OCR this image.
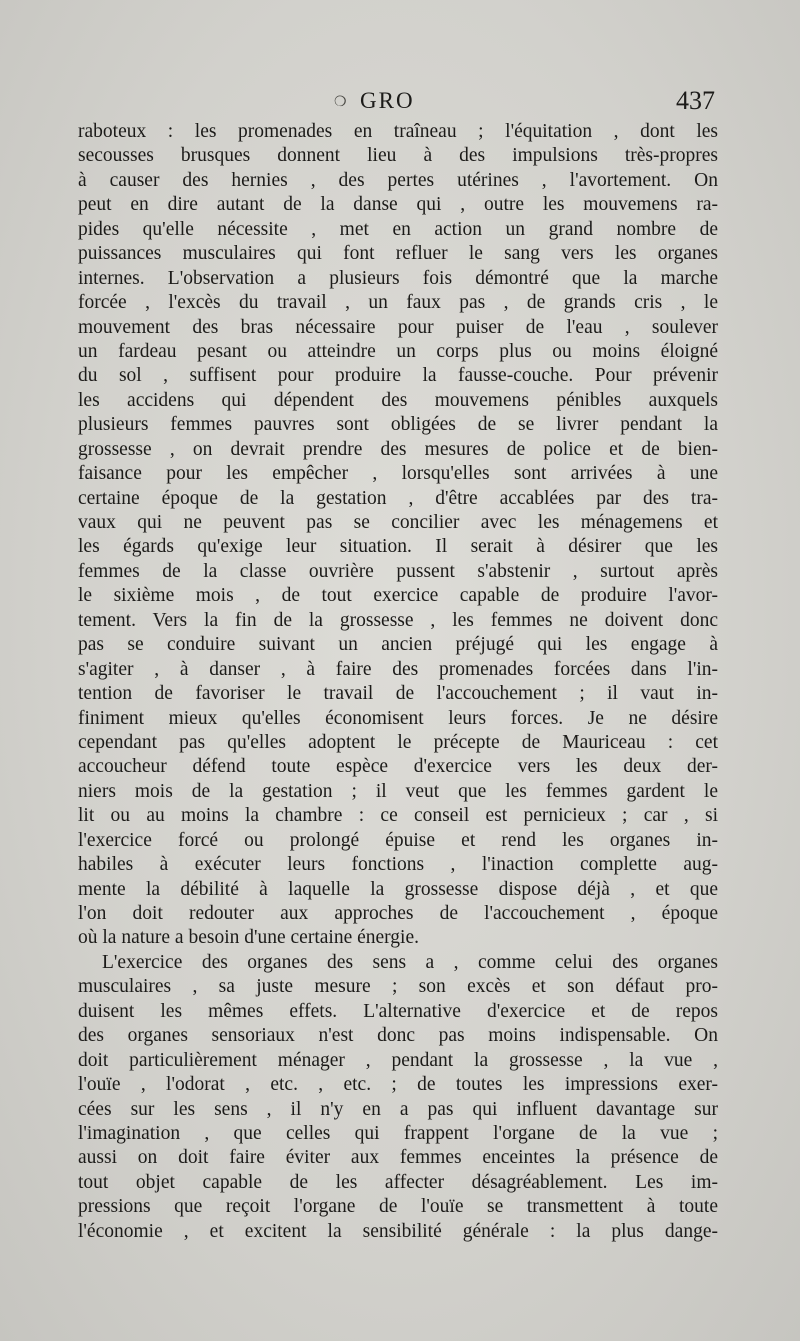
❍ GRO	437
raboteux : les promenades en traîneau ; l'équitation , dont les
secousses brusques donnent lieu à des impulsions très-propres
à causer des hernies , des pertes utérines , l'avortement. On
peut en dire autant de la danse qui , outre les mouvemens ra-
pides qu'elle nécessite , met en action un grand nombre de
puissances musculaires qui font refluer le sang vers les organes
internes. L'observation a plusieurs fois démontré que la marche
forcée , l'excès du travail , un faux pas , de grands cris , le
mouvement des bras nécessaire pour puiser de l'eau , soulever
un fardeau pesant ou atteindre un corps plus ou moins éloigné
du sol , suffisent pour produire la fausse-couche. Pour prévenir
les accidens qui dépendent des mouvemens pénibles auxquels
plusieurs femmes pauvres sont obligées de se livrer pendant la
grossesse , on devrait prendre des mesures de police et de bien-
faisance pour les empêcher , lorsqu'elles sont arrivées à une
certaine époque de la gestation , d'être accablées par des tra-
vaux qui ne peuvent pas se concilier avec les ménagemens et
les égards qu'exige leur situation. Il serait à désirer que les
femmes de la classe ouvrière pussent s'abstenir , surtout après
le sixième mois , de tout exercice capable de produire l'avor-
tement. Vers la fin de la grossesse , les femmes ne doivent donc
pas se conduire suivant un ancien préjugé qui les engage à
s'agiter , à danser , à faire des promenades forcées dans l'in-
tention de favoriser le travail de l'accouchement ; il vaut in-
finiment mieux qu'elles économisent leurs forces. Je ne désire
cependant pas qu'elles adoptent le précepte de Mauriceau : cet
accoucheur défend toute espèce d'exercice vers les deux der-
niers mois de la gestation ; il veut que les femmes gardent le
lit ou au moins la chambre : ce conseil est pernicieux ; car , si
l'exercice forcé ou prolongé épuise et rend les organes in-
habiles à exécuter leurs fonctions , l'inaction complette aug-
mente la débilité à laquelle la grossesse dispose déjà , et que
l'on doit redouter aux approches de l'accouchement , époque
où la nature a besoin d'une certaine énergie.
L'exercice des organes des sens a , comme celui des organes
musculaires , sa juste mesure ; son excès et son défaut pro-
duisent les mêmes effets. L'alternative d'exercice et de repos
des organes sensoriaux n'est donc pas moins indispensable. On
doit particulièrement ménager , pendant la grossesse , la vue ,
l'ouïe , l'odorat , etc. , etc. ; de toutes les impressions exer-
cées sur les sens , il n'y en a pas qui influent davantage sur
l'imagination , que celles qui frappent l'organe de la vue ;
aussi on doit faire éviter aux femmes enceintes la présence de
tout objet capable de les affecter désagréablement. Les im-
pressions que reçoit l'organe de l'ouïe se transmettent à toute
l'économie , et excitent la sensibilité générale : la plus dange-
